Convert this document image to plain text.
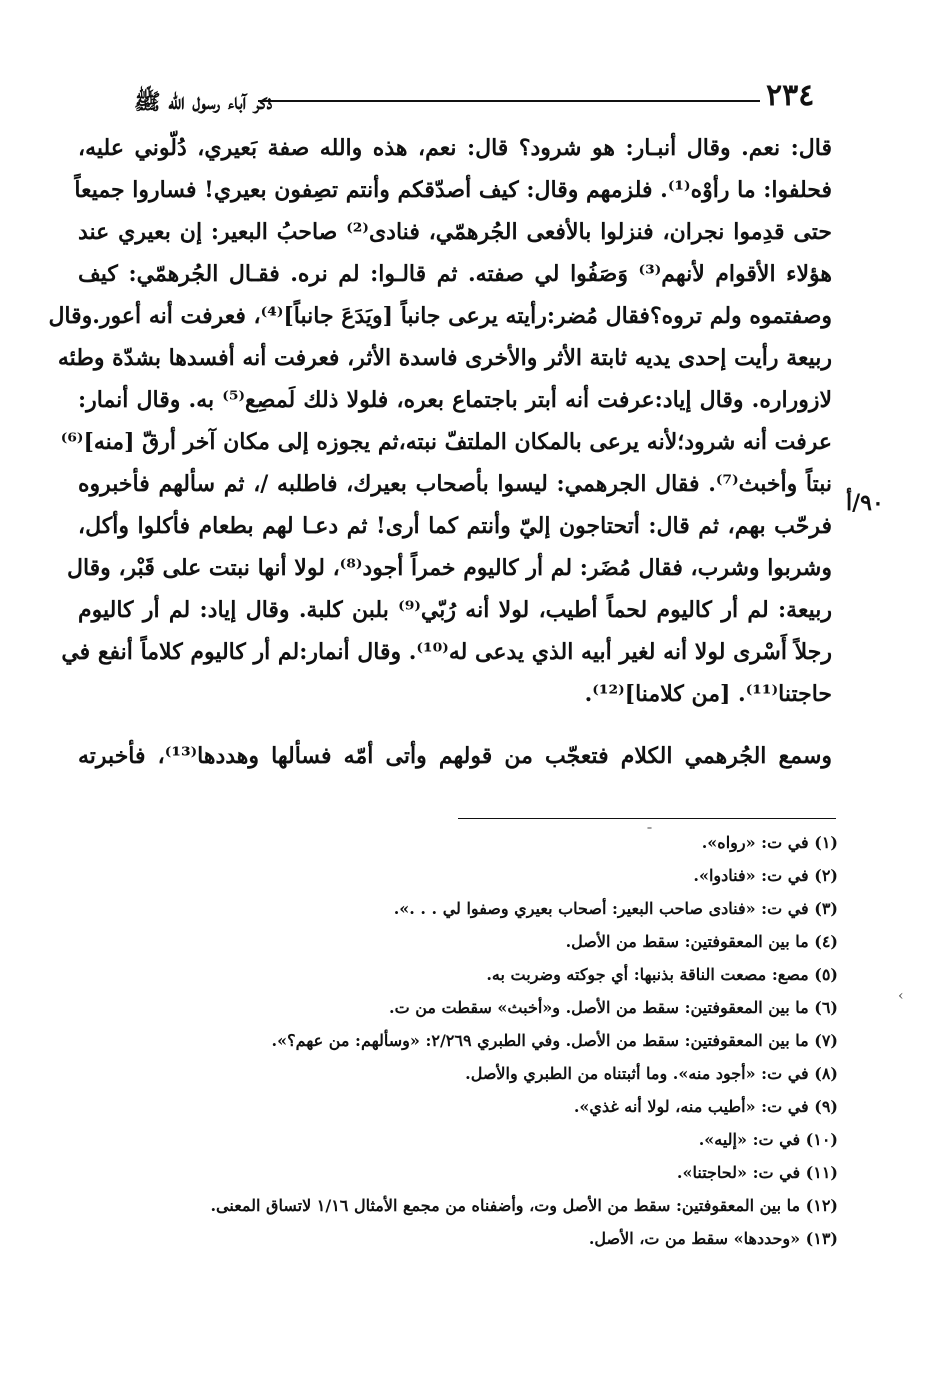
٢٣٤
ذكر آباء رسول الله ﷺ
٩٠/أ
قال: نعم. وقال أنبـار: هو شرود؟ قال: نعم، هذه والله صفة بَعيري، دُلّوني عليه،
فحلفوا: ما رأوْه⁽¹⁾. فلزمهم وقال: كيف أصدّقكم وأنتم تصِفون بعيري! فساروا جميعاً
حتى قدِموا نجران، فنزلوا بالأفعى الجُرهمّي، فنادى⁽²⁾ صاحبُ البعير: إن بعيري عند
هؤلاء الأقوام لأنهم⁽³⁾ وَصَفُوا لي صفته. ثم قالـوا: لم نره. فقـال الجُرهمّي: كيف
وصفتموه ولم تروه؟فقال مُضر:رأيته يرعى جانباً [ويَدَعَ جانباً]⁽⁴⁾، فعرفت أنه أعور.وقال
ربيعة رأيت إحدى يديه ثابتة الأثر والأخرى فاسدة الأثر، فعرفت أنه أفسدها بشدّة وطئه
لازوراره. وقال إياد:عرفت أنه أبتر باجتماع بعره، فلولا ذلك لَمصِع⁽⁵⁾ به. وقال أنمار:
عرفت أنه شرود؛لأنه يرعى بالمكان الملتفّ نبته،ثم يجوزه إلى مكان آخر أرقّ [منه]⁽⁶⁾
نبتاً وأخبث⁽⁷⁾. فقال الجرهمي: ليسوا بأصحاب بعيرك، فاطلبه /، ثم سألهم فأخبروه
فرحّب بهم، ثم قال: أتحتاجون إليّ وأنتم كما أرى! ثم دعـا لهم بطعام فأكلوا وأكل،
وشربوا وشرب، فقال مُضَر: لم أر كاليوم خمراً أجود⁽⁸⁾، لولا أنها نبتت على قَبْر، وقال
ربيعة: لم أر كاليوم لحماً أطيب، لولا أنه رُبّي⁽⁹⁾ بلبن كلبة. وقال إياد: لم أر كاليوم
رجلاً أَسْرى لولا أنه لغير أبيه الذي يدعى له⁽¹⁰⁾. وقال أنمار:لم أر كاليوم كلاماً أنفع في
حاجتنا⁽¹¹⁾. [من كلامنا]⁽¹²⁾.
وسمع الجُرهمي الكلام فتعجّب من قولهم وأتى أمّه فسألها وهددها⁽¹³⁾، فأخبرته
(١) في ت: «رواه».
(٢) في ت: «فنادوا».
(٣) في ت: «فنادى صاحب البعير: أصحاب بعيري وصفوا لي . . .».
(٤) ما بين المعقوفتين: سقط من الأصل.
(٥) مصع: مصعت الناقة بذنبها: أي جوكته وضربت به.
(٦) ما بين المعقوفتين: سقط من الأصل. و«أخبث» سقطت من ت.
(٧) ما بين المعقوفتين: سقط من الأصل. وفي الطبري ٢/٢٦٩: «وسألهم: من عهم؟».
(٨) في ت: «أجود منه». وما أثبتناه من الطبري والأصل.
(٩) في ت: «أطيب منه، لولا أنه غذي».
(١٠) في ت: «إليه».
(١١) في ت: «لحاجتنا».
(١٢) ما بين المعقوفتين: سقط من الأصل وت، وأضفناه من مجمع الأمثال ١/١٦ لاتساق المعنى.
(١٣) «وحددها» سقط من ت، الأصل.
ˉ
‹
